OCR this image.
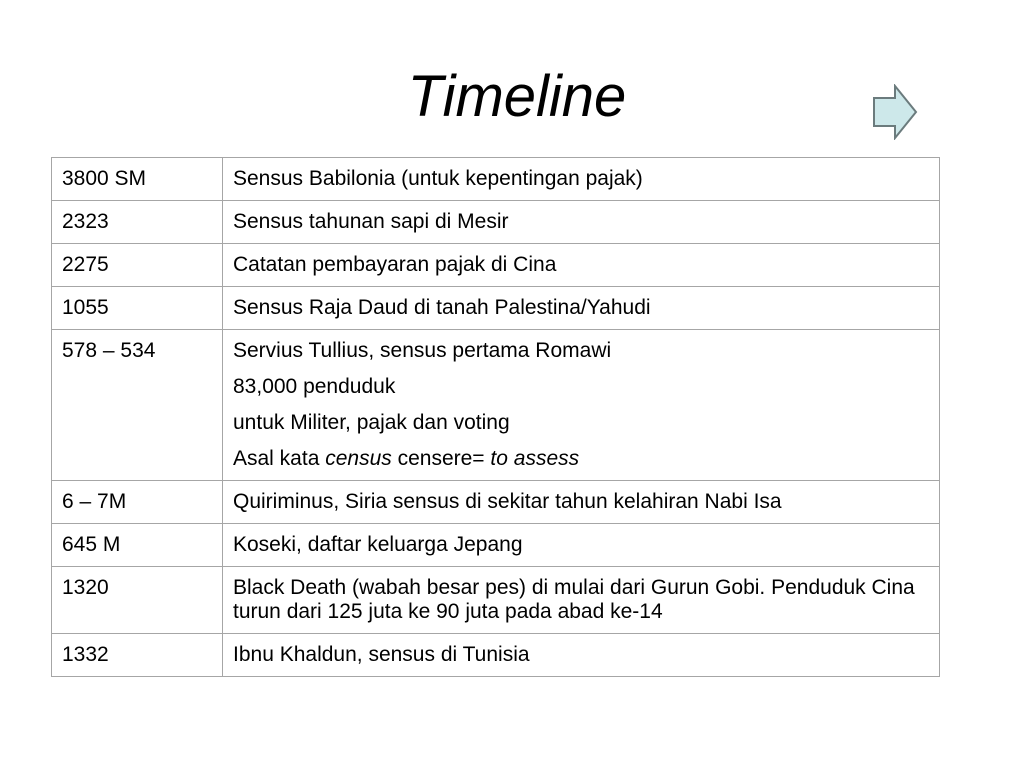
Timeline
3800 SM	Sensus Babilonia (untuk kepentingan pajak)
2323	Sensus tahunan sapi di Mesir
2275	Catatan pembayaran pajak di Cina
1055	Sensus Raja Daud di tanah Palestina/Yahudi
578 – 534	Servius Tullius, sensus pertama Romawi
83,000 penduduk
untuk Militer, pajak dan voting
Asal kata census censere= to assess

6 – 7M	Quiriminus, Siria sensus di sekitar tahun kelahiran Nabi Isa
645 M	Koseki, daftar keluarga Jepang
1320	Black Death (wabah besar pes) di mulai dari Gurun Gobi. Penduduk Cina turun dari 125 juta ke 90 juta pada abad ke-14
1332	Ibnu Khaldun, sensus di Tunisia
